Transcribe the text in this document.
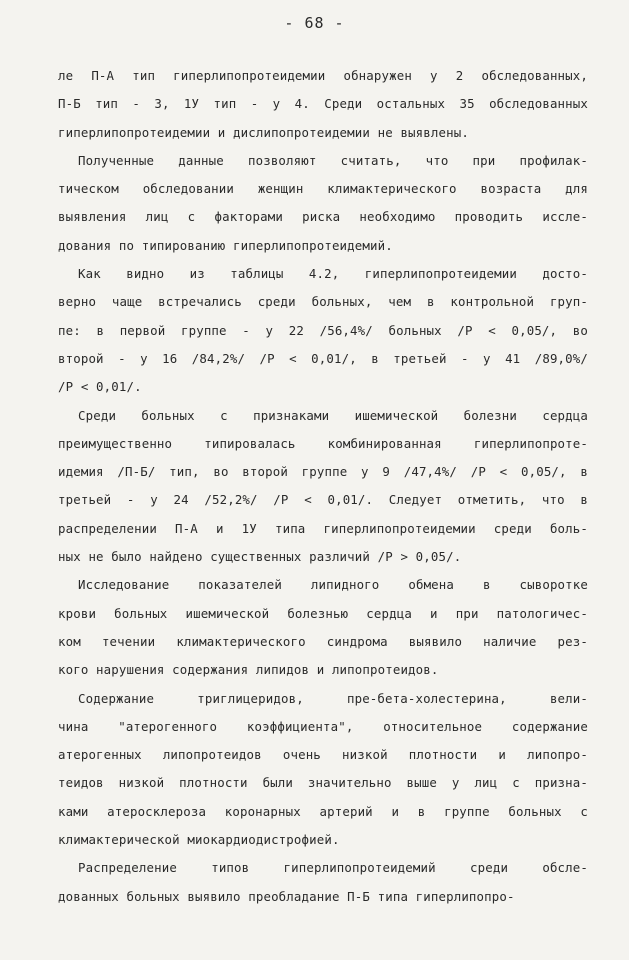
- 68 -
ле П-А тип гиперлипопротеидемии обнаружен у 2 обследованных,
П-Б тип - 3, 1У тип - у 4. Среди остальных 35 обследованных
гиперлипопротеидемии и дислипопротеидемии не выявлены.
Полученные данные позволяют считать, что при профилак-
тическом обследовании женщин климактерического возраста для
выявления лиц с факторами риска необходимо проводить иссле-
дования по типированию гиперлипопротеидемий.
Как видно из таблицы 4.2, гиперлипопротеидемии досто-
верно чаще встречались среди больных, чем в контрольной груп-
пе: в первой группе - у 22 /56,4%/ больных /Р < 0,05/, во
второй - у 16 /84,2%/ /Р < 0,01/, в третьей - у 41 /89,0%/
/Р < 0,01/.
Среди больных с признаками ишемической болезни сердца
преимущественно типировалась комбинированная гиперлипопроте-
идемия /П-Б/ тип, во второй группе у 9 /47,4%/ /Р < 0,05/, в
третьей - у 24 /52,2%/ /Р < 0,01/. Следует отметить, что в
распределении П-А и 1У типа гиперлипопротеидемии среди боль-
ных не было найдено существенных различий /Р > 0,05/.
Исследование показателей липидного обмена в сыворотке
крови больных ишемической болезнью сердца и при патологичес-
ком течении климактерического синдрома выявило наличие рез-
кого нарушения содержания липидов и липопротеидов.
Содержание триглицеридов, пре-бета-холестерина, вели-
чина "атерогенного коэффициента", относительное содержание
атерогенных липопротеидов очень низкой плотности и липопро-
теидов низкой плотности были значительно выше у лиц с призна-
ками атеросклероза коронарных артерий и в группе больных с
климактерической миокардиодистрофией.
Распределение типов гиперлипопротеидемий среди обсле-
дованных больных выявило преобладание П-Б типа гиперлипопро-
